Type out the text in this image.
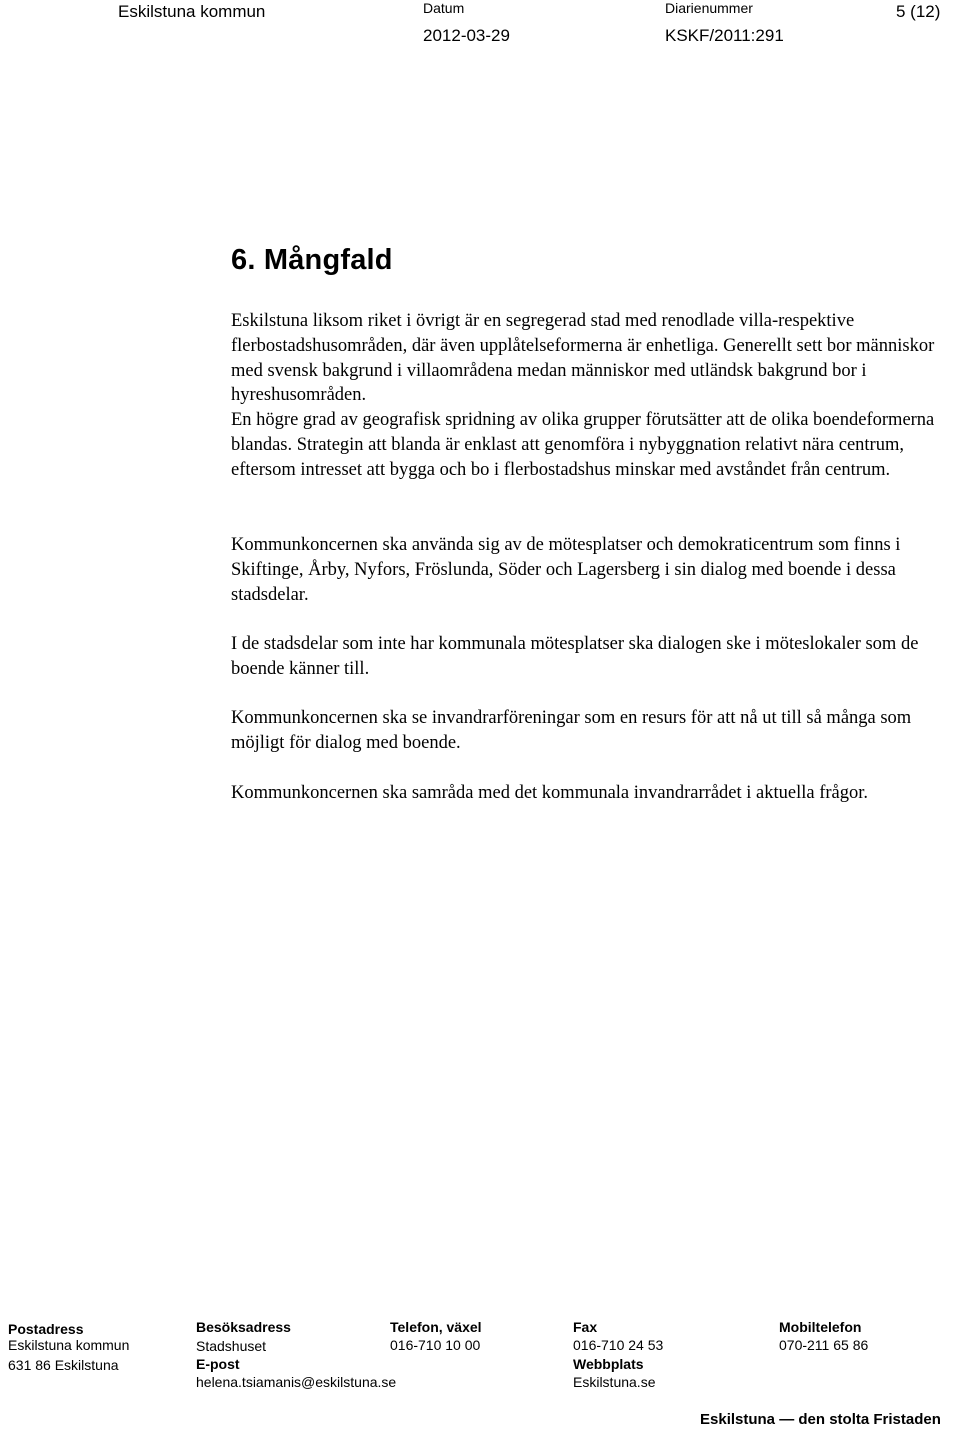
Eskilstuna kommun	Datum
2012-03-29
Diarienummer
KSKF/2011:291
5 (12)
6. Mångfald

Eskilstuna liksom riket i övrigt är en segregerad stad med renodlade villa-respektive flerbostadshusområden, där även upplåtelseformerna är enhetliga. Generellt sett bor människor med svensk bakgrund i villaområdena medan människor med utländsk bakgrund bor i hyreshusområden.

En högre grad av geografisk spridning av olika grupper förutsätter att de olika boendeformerna blandas. Strategin att blanda är enklast att genomföra i nybyggnation relativt nära centrum, eftersom intresset att bygga och bo i flerbostadshus minskar med avståndet från centrum.

Kommunkoncernen ska använda sig av de mötesplatser och demokraticentrum som finns i Skiftinge, Årby, Nyfors, Fröslunda, Söder och Lagersberg i sin dialog med boende i dessa stadsdelar.
I de stadsdelar som inte har kommunala mötesplatser ska dialogen ske i möteslokaler som de boende känner till.
Kommunkoncernen ska se invandrarföreningar som en resurs för att nå ut till så många som möjligt för dialog med boende.
Kommunkoncernen ska samråda med det kommunala invandrarrådet i aktuella frågor.
Postadress
Eskilstuna kommun
631 86 Eskilstuna
Besöksadress
Stadshuset
E-post
helena.tsiamanis@eskilstuna.se
Telefon, växel
016-710 10 00
Fax
016-710 24 53
Webbplats
Eskilstuna.se
Mobiltelefon
070-211 65 86
Eskilstuna — den stolta Fristaden
